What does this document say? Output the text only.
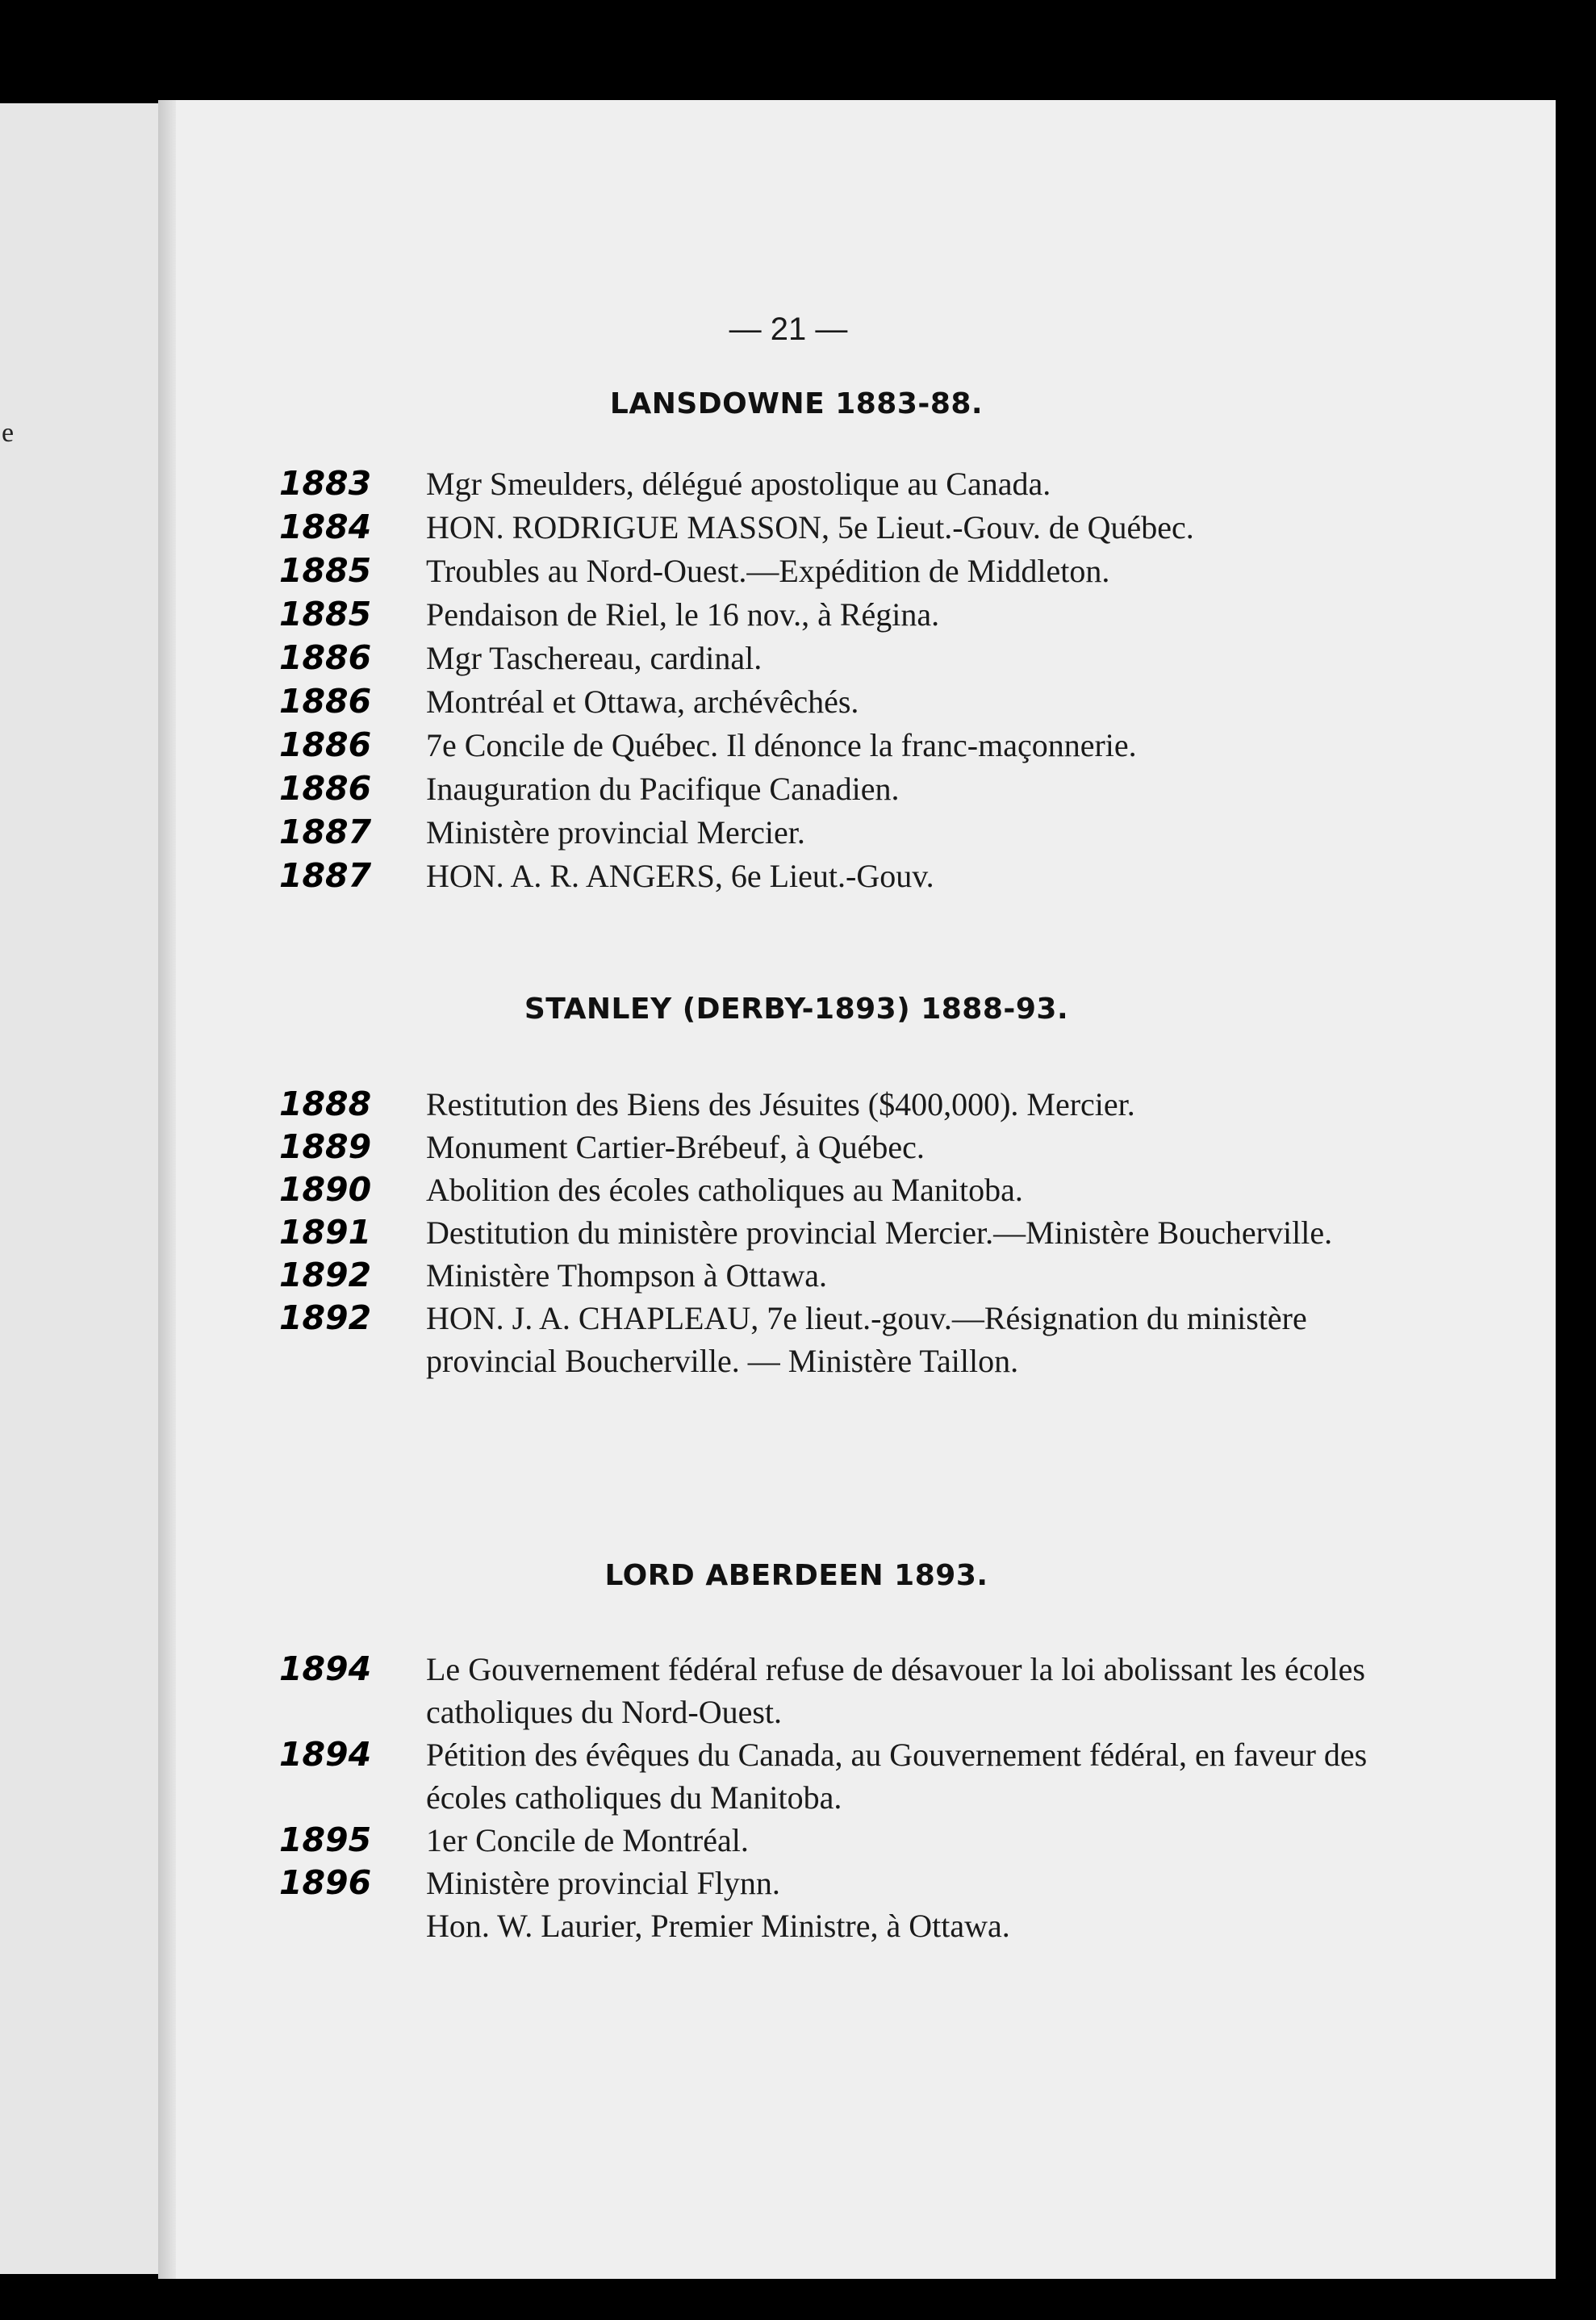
e
— 21 —
LANSDOWNE 1883-88.
1883	Mgr Smeulders, délégué apostolique au Canada.
1884	HON. RODRIGUE MASSON, 5e Lieut.-Gouv. de Québec.
1885	Troubles au Nord-Ouest.—Expédition de Middleton.
1885	Pendaison de Riel, le 16 nov., à Régina.
1886	Mgr Taschereau, cardinal.
1886	Montréal et Ottawa, archévêchés.
1886	7e Concile de Québec. Il dénonce la franc-maçonnerie.
1886	Inauguration du Pacifique Canadien.
1887	Ministère provincial Mercier.
1887	HON. A. R. ANGERS, 6e Lieut.-Gouv.
STANLEY (DERBY-1893) 1888-93.
1888	Restitution des Biens des Jésuites ($400,000). Mercier.
1889	Monument Cartier-Brébeuf, à Québec.
1890	Abolition des écoles catholiques au Manitoba.
1891	Destitution du ministère provincial Mercier.—Ministère Boucherville.
1892	Ministère Thompson à Ottawa.
1892	HON. J. A. CHAPLEAU, 7e lieut.-gouv.—Résignation du ministère provincial Boucherville. — Ministère Taillon.
LORD ABERDEEN 1893.
1894	Le Gouvernement fédéral refuse de désavouer la loi abolissant les écoles catholiques du Nord-Ouest.
1894	Pétition des évêques du Canada, au Gouvernement fédéral, en faveur des écoles catholiques du Manitoba.
1895	1er Concile de Montréal.
1896	Ministère provincial Flynn.
Hon. W. Laurier, Premier Ministre, à Ottawa.
